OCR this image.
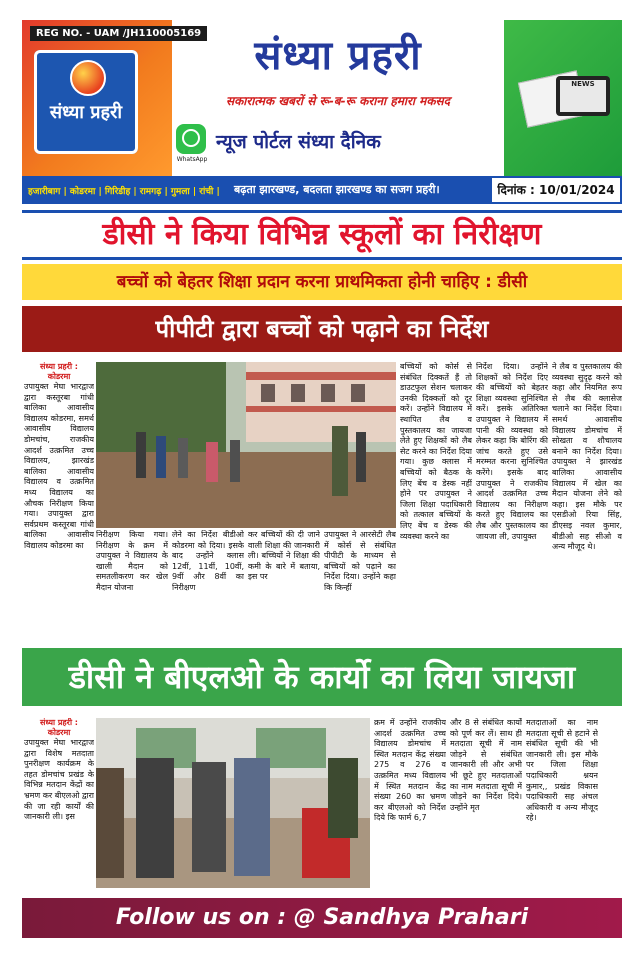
REG NO. - UAM /JH110005169
संध्या प्रहरी
संध्या प्रहरी
सकारात्मक खबरों से रू-ब-रू कराना हमारा मकसद
WhatsApp
न्यूज पोर्टल संध्या दैनिक
NEWS
हजारीबाग | कोडरमा | गिरिडीह | रामगढ़ | गुमला | रांची | बढ़ता झारखण्ड, बदलता झारखण्ड का सजग प्रहरी।	दिनांक : 10/01/2024
डीसी ने किया विभिन्न स्कूलों का निरीक्षण
बच्चों को बेहतर शिक्षा प्रदान करना प्राथमिकता होनी चाहिए : डीसी
पीपीटी द्वारा बच्चों को पढ़ाने का निर्देश
संध्या प्रहरी :
कोडरमा
उपायुक्त मेघा भारद्वाज द्वारा कस्तूरबा गांधी बालिका आवासीय विद्यालय कोडरमा, समर्थ आवासीय विद्यालय डोमचांच, राजकीय आदर्श उत्क्रमित उच्च विद्यालय, झारखंड बालिका आवासीय विद्यालय व उत्क्रमित मध्य विद्यालय का औचक निरीक्षण किया गया। उपायुक्त द्वारा सर्वप्रथम कस्तूरबा गांधी बालिका आवासीय विद्यालय कोडरमा का
निरीक्षण किया गया। निरीक्षण के क्रम में उपायुक्त ने विद्यालय के खाली मैदान को समतलीकरण कर खेल मैदान योजना
लेने का निर्देश बीडीओ कोडरमा को दिया। इसके बाद उन्होंने क्लास 12वीं, 11वीं, 10वीं, 9वीं और 8वीं का निरीक्षण
कर बच्चियों की दी जाने वाली शिक्षा की जानकारी ली। बच्चियों ने शिक्षा की कमी के बारे में बताया, इस पर
उपायुक्त ने आरसेटी लैब में कोर्स से संबंधित पीपीटी के माध्यम से बच्चियों को पढ़ाने का निर्देश दिया। उन्होंने कहा कि किन्हीं
बच्चियों को कोर्स से संबंधित दिक्कतें हैं तो डाउटफुल सेशन चलाकर उनकी दिक्कतों को दूर करें। उन्होंने विद्यालय में स्थापित लैब व पुस्तकालय का जायजा लेते हुए शिक्षकों को लैब सेट करने का निर्देश दिया गया। कुछ क्लास में बच्चियों को बैठक के लिए बेंच व डेस्क नहीं होने पर उपायुक्त ने जिला शिक्षा पदाधिकारी को तत्काल बच्चियों के लिए बेंच व डेस्क की व्यवस्था करने का
निर्देश दिया। उन्होंने शिक्षकों को निर्देश दिए की बच्चियों को बेहतर शिक्षा व्यवस्था सुनिश्चित करें। इसके अतिरिक्त उपायुक्त ने विद्यालय में पानी की व्यवस्था को लेकर कहा कि बोरिंग की जांच करते हुए उसे मरम्मत करना सुनिश्चित करेंगे। इसके बाद उपायुक्त ने राजकीय आदर्श उत्क्रमित उच्च विद्यालय का निरीक्षण करते हुए विद्यालय का लैब और पुस्तकालय का जायजा ली, उपायुक्त
ने लैब व पुस्तकालय की व्यवस्था सुदृढ़ करने को कहा और नियमित रूप से लैब की क्लासेज चलाने का निर्देश दिया। समर्थ आवासीय विद्यालय डोमचांच में सोखता व शौचालय बनाने का निर्देश दिया। उपायुक्त ने झारखंड बालिका आवासीय विद्यालय में खेल का मैदान योजना लेने को कहा। इस मौके पर एसडीओ रिया सिंह, डीएसइ नवल कुमार, बीडीओ सह सीओ व अन्य मौजूद थे।
डीसी ने बीएलओ के कार्यो का लिया जायजा
संध्या प्रहरी :
कोडरमा
उपायुक्त मेघा भारद्वाज द्वारा विशेष मतदाता पुनरीक्षण कार्यक्रम के तहत डोमचांच प्रखंड के विभिन्न मतदान केंद्रों का भ्रमण कर बीएलओ द्वारा की जा रही कार्यों की जानकारी ली। इस
क्रम में उन्होंने राजकीय आदर्श उत्क्रमित उच्च विद्यालय डोमचांच में स्थित मतदान केंद्र संख्या 275 व 276 व उत्क्रमित मध्य विद्यालय में स्थित मतदान केंद्र संख्या 260 का भ्रमण कर बीएलओ को निर्देश दिये कि फार्म 6,7
और 8 से संबंधित कार्यों को पूर्ण कर लें। साथ ही मतदाता सूची में नाम जोड़ने से संबंधित जानकारी ली और अभी भी छूटे हुए मतदाताओं का नाम मतदाता सूची में जोड़ने का निर्देश दिये। उन्होंने मृत
मतदाताओं का नाम मतदाता सूची से हटाने से संबंधित सूची की भी जानकारी ली। इस मौके पर जिला शिक्षा पदाधिकारी श्नयन कुमार,, प्रखंड विकास पदाधिकारी सह अंचल अधिकारी व अन्य मौजूद रहे।
Follow us on : @ Sandhya Prahari
